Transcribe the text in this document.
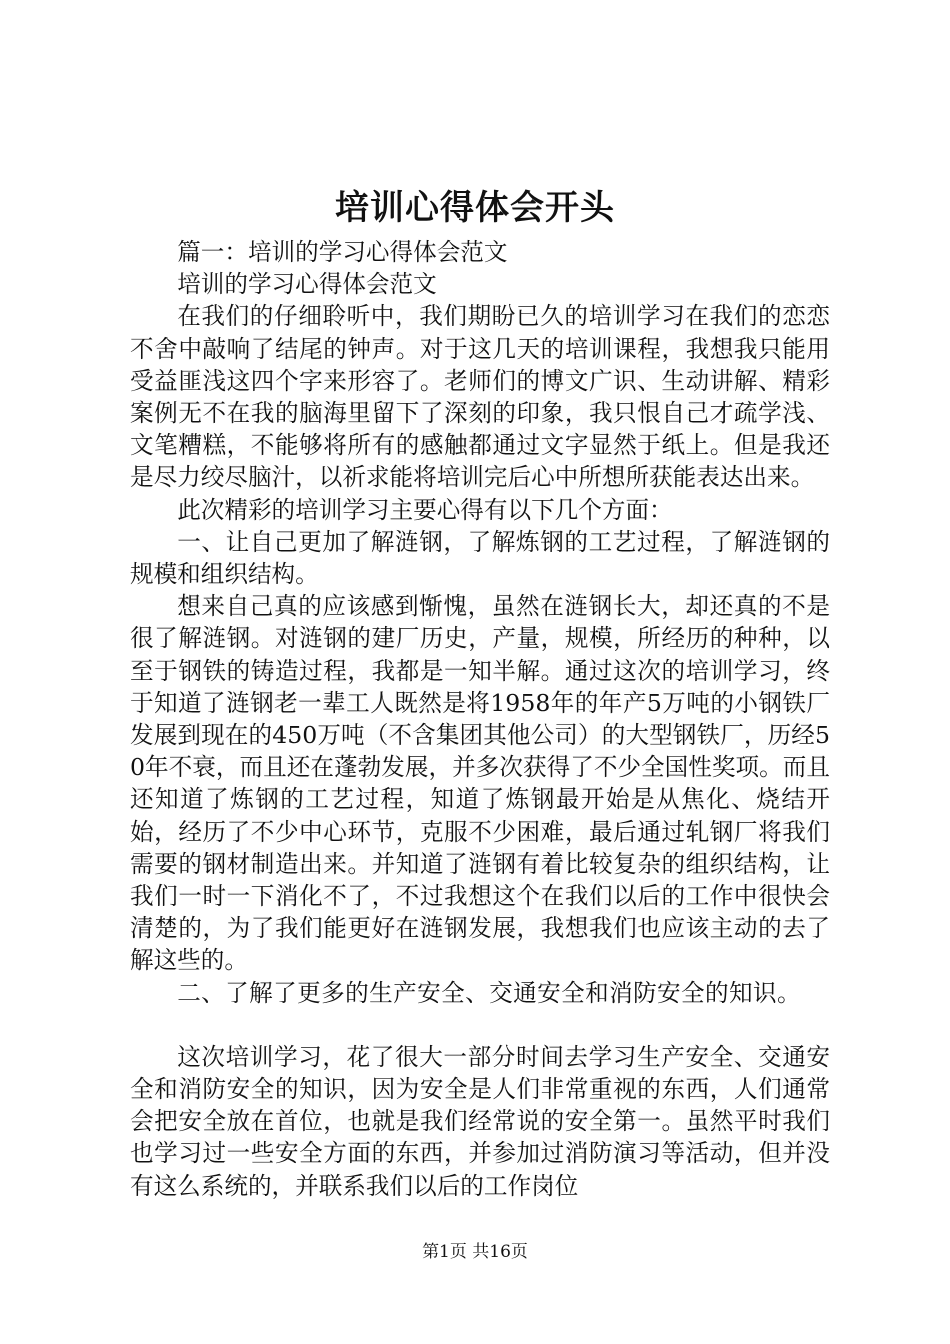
培训心得体会开头

篇一：培训的学习心得体会范文

培训的学习心得体会范文

在我们的仔细聆听中，我们期盼已久的培训学习在我们的恋恋不舍中敲响了结尾的钟声。对于这几天的培训课程，我想我只能用受益匪浅这四个字来形容了。老师们的博文广识、生动讲解、精彩案例无不在我的脑海里留下了深刻的印象，我只恨自己才疏学浅、文笔糟糕，不能够将所有的感触都通过文字显然于纸上。但是我还是尽力绞尽脑汁，以祈求能将培训完后心中所想所获能表达出来。

此次精彩的培训学习主要心得有以下几个方面：

一、让自己更加了解涟钢，了解炼钢的工艺过程，了解涟钢的规模和组织结构。

想来自己真的应该感到惭愧，虽然在涟钢长大，却还真的不是很了解涟钢。对涟钢的建厂历史，产量，规模，所经历的种种，以至于钢铁的铸造过程，我都是一知半解。通过这次的培训学习，终于知道了涟钢老一辈工人既然是将1958年的年产5万吨的小钢铁厂发展到现在的450万吨（不含集团其他公司）的大型钢铁厂，历经50年不衰，而且还在蓬勃发展，并多次获得了不少全国性奖项。而且还知道了炼钢的工艺过程，知道了炼钢最开始是从焦化、烧结开始，经历了不少中心环节，克服不少困难，最后通过轧钢厂将我们需要的钢材制造出来。并知道了涟钢有着比较复杂的组织结构，让我们一时一下消化不了，不过我想这个在我们以后的工作中很快会清楚的，为了我们能更好在涟钢发展，我想我们也应该主动的去了解这些的。

二、了解了更多的生产安全、交通安全和消防安全的知识。

这次培训学习，花了很大一部分时间去学习生产安全、交通安全和消防安全的知识，因为安全是人们非常重视的东西，人们通常会把安全放在首位，也就是我们经常说的安全第一。虽然平时我们也学习过一些安全方面的东西，并参加过消防演习等活动，但并没有这么系统的，并联系我们以后的工作岗位

第1页 共16页
